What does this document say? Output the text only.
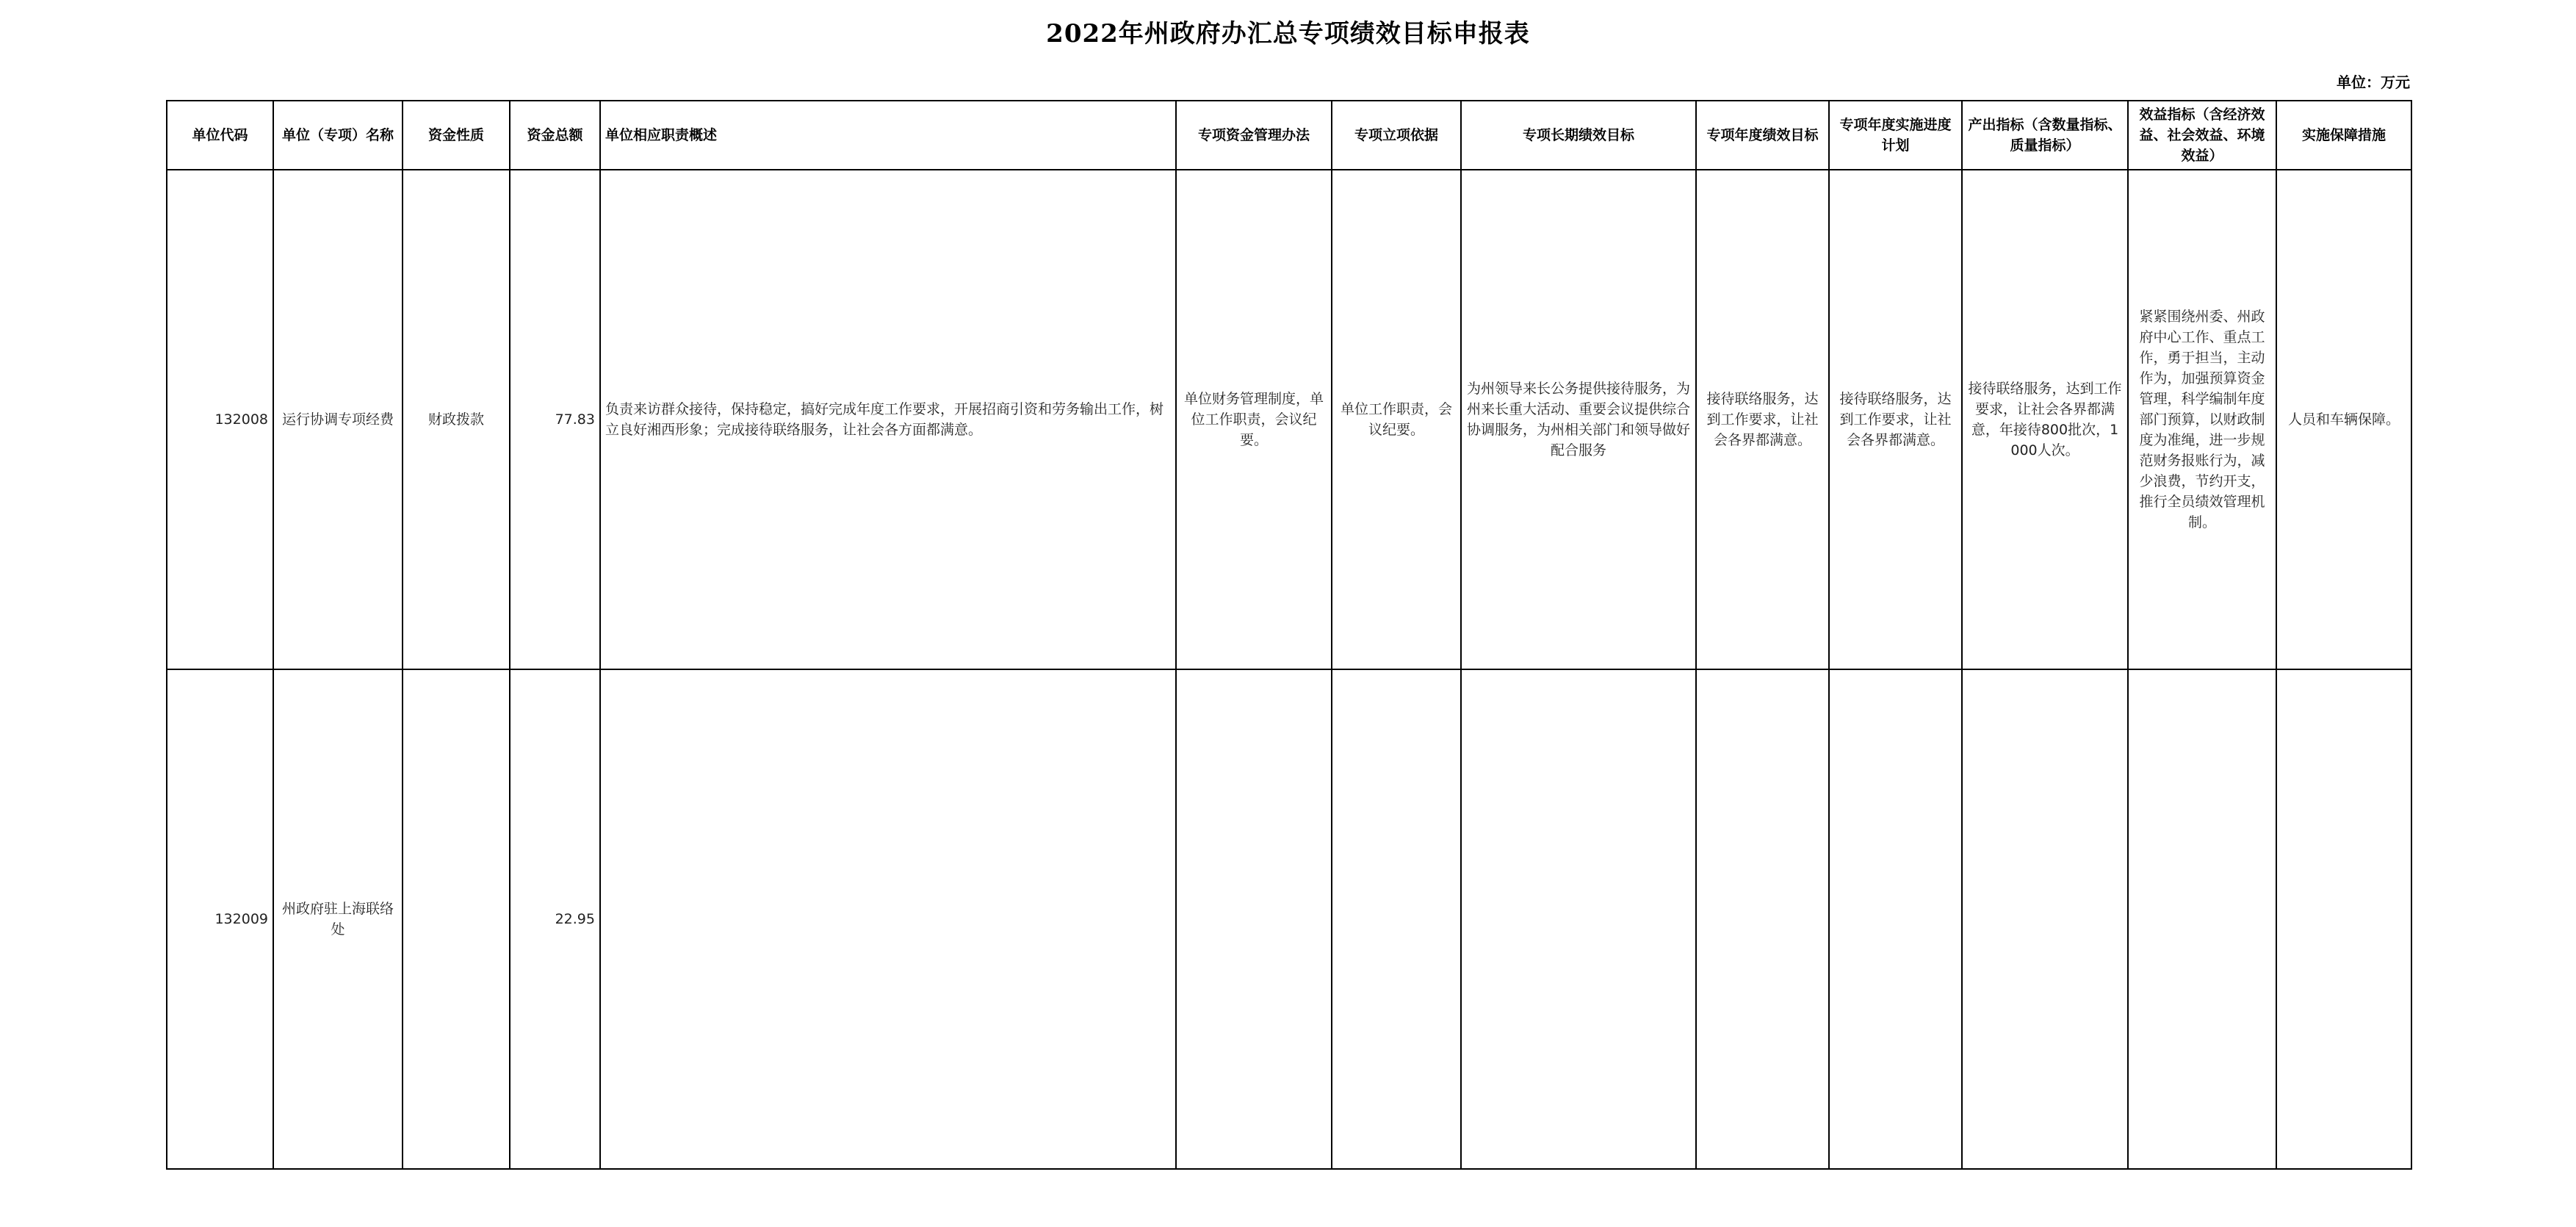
2022年州政府办汇总专项绩效目标申报表
单位：万元
单位代码	单位（专项）名称	资金性质	资金总额	单位相应职责概述	专项资金管理办法	专项立项依据	专项长期绩效目标	专项年度绩效目标	专项年度实施进度计划	产出指标（含数量指标、质量指标）	效益指标（含经济效益、社会效益、环境效益）	实施保障措施
132008	运行协调专项经费	财政拨款	77.83	负责来访群众接待，保持稳定，搞好完成年度工作要求，开展招商引资和劳务输出工作，树立良好湘西形象；完成接待联络服务，让社会各方面都满意。	单位财务管理制度，单位工作职责，会议纪要。	单位工作职责，会议纪要。	为州领导来长公务提供接待服务，为州来长重大活动、重要会议提供综合协调服务，为州相关部门和领导做好配合服务	接待联络服务，达到工作要求，让社会各界都满意。	接待联络服务，达到工作要求，让社会各界都满意。	接待联络服务，达到工作要求，让社会各界都满意，年接待800批次，1000人次。	紧紧围绕州委、州政府中心工作、重点工作，勇于担当，主动作为，加强预算资金管理，科学编制年度部门预算，以财政制度为准绳，进一步规范财务报账行为，减少浪费，节约开支，推行全员绩效管理机制。	人员和车辆保障。
132009	州政府驻上海联络处		22.95									
